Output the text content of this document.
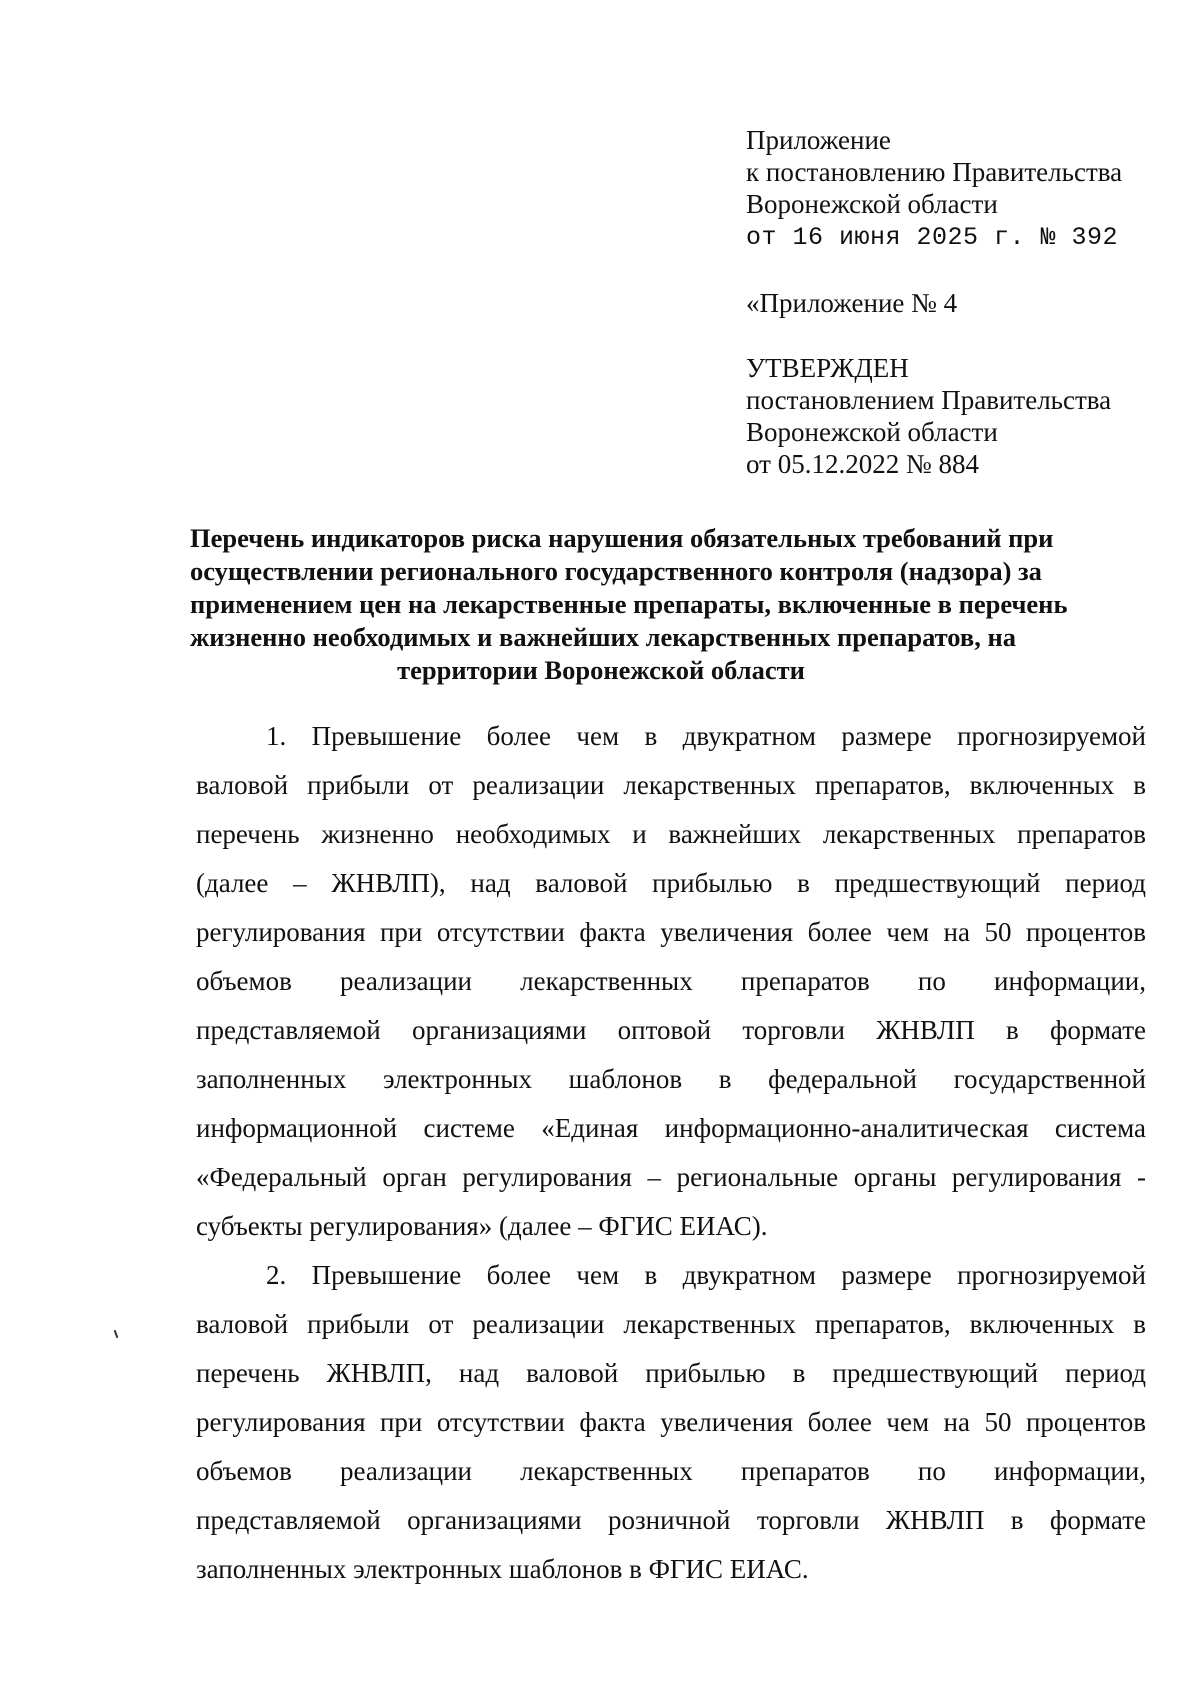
Приложение
к постановлению Правительства
Воронежской области
от 16 июня 2025 г. № 392
«Приложение № 4
УТВЕРЖДЕН
постановлением Правительства
Воронежской области
от 05.12.2022 № 884
Перечень индикаторов риска нарушения обязательных требований при
осуществлении регионального государственного контроля (надзора) за
применением цен на лекарственные препараты, включенные в перечень
жизненно необходимых и важнейших лекарственных препаратов, на
территории Воронежской области
1. Превышение более чем в двукратном размере прогнозируемой
валовой прибыли от реализации лекарственных препаратов, включенных в
перечень жизненно необходимых и важнейших лекарственных препаратов
(далее – ЖНВЛП), над валовой прибылью в предшествующий период
регулирования при отсутствии факта увеличения более чем на 50 процентов
объемов реализации лекарственных препаратов по информации,
представляемой организациями оптовой торговли ЖНВЛП в формате
заполненных электронных шаблонов в федеральной государственной
информационной системе «Единая информационно-аналитическая система
«Федеральный орган регулирования – региональные органы регулирования -
субъекты регулирования» (далее – ФГИС ЕИАС).
2. Превышение более чем в двукратном размере прогнозируемой
валовой прибыли от реализации лекарственных препаратов, включенных в
перечень ЖНВЛП, над валовой прибылью в предшествующий период
регулирования при отсутствии факта увеличения более чем на 50 процентов
объемов реализации лекарственных препаратов по информации,
представляемой организациями розничной торговли ЖНВЛП в формате
заполненных электронных шаблонов в ФГИС ЕИАС.
